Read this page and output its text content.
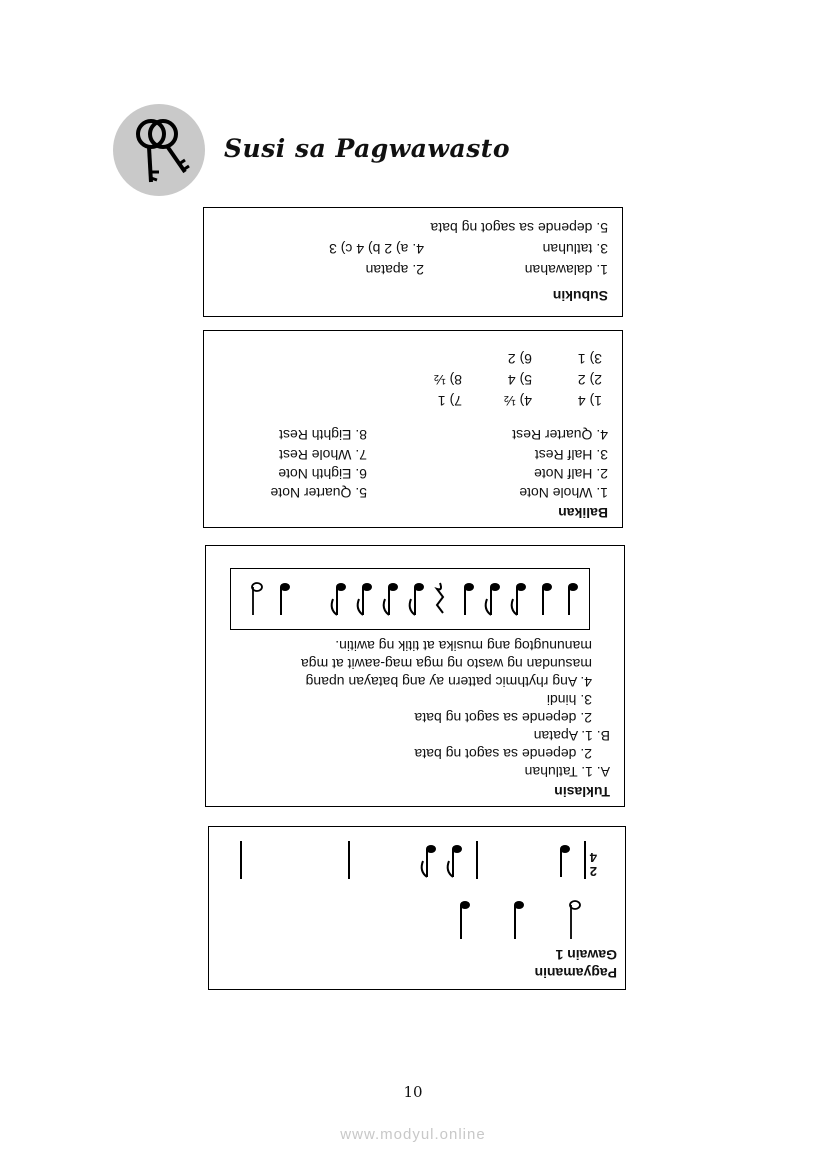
Susi sa Pagwawasto
Subukin
1. dalawahan
2. apatan
3. tatluhan
4. a) 2 b) 4 c) 3
5. depende sa sagot ng bata
Balikan
1. Whole Note
2. Half Note
3. Half Rest
4. Quarter Rest
5. Quarter Note
6. Eighth Note
7. Whole Rest
8. Eighth Rest
1) 4
2) 2
3) 1
4) ½
5) 4
6) 2
7) 1
8) ½
Tuklasin
A. 1. Tatluhan
2. depende sa sagot ng bata
B. 1. Apatan
2. depende sa sagot ng bata
3. hindi
4. Ang rhythmic pattern ay ang batayan upang
masundan ng wasto ng mga mag-aawit at mga
manunugtog ang musika at titik ng awitin.
Pagyamanin
Gawain 1
2
4
10
www.modyul.online
